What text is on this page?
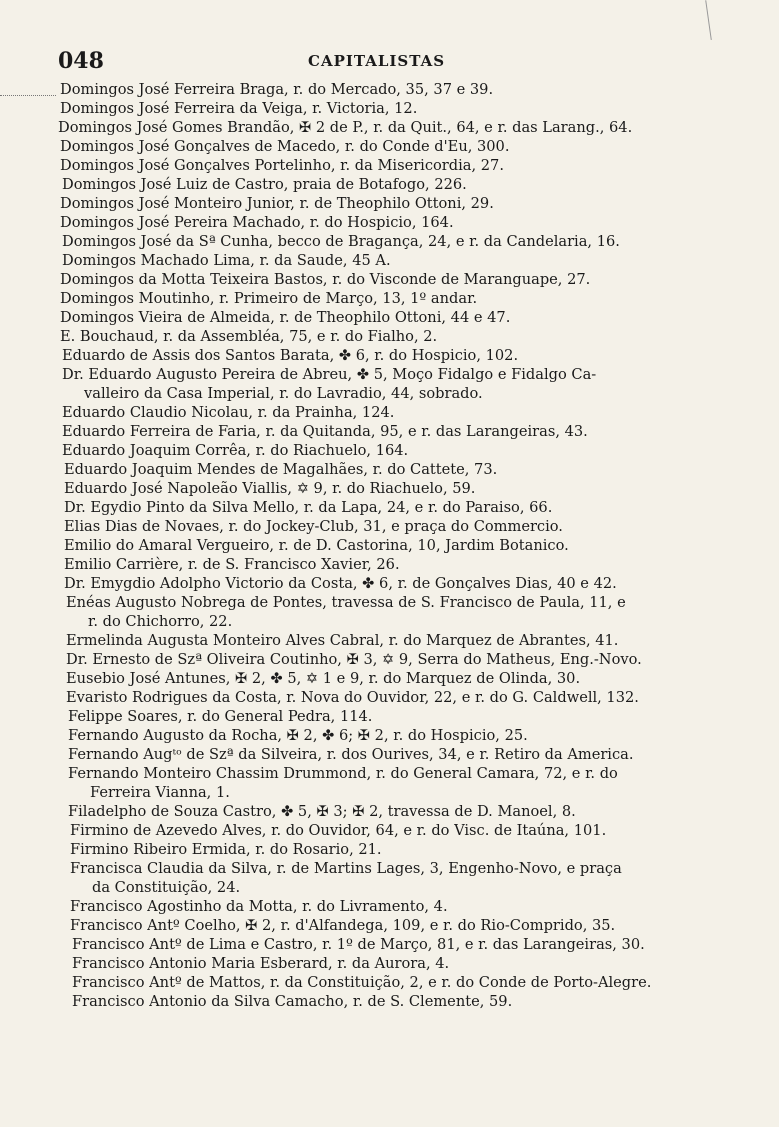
048	CAPITALISTAS
Domingos José Ferreira Braga, r. do Mercado, 35, 37 e 39.
Domingos José Ferreira da Veiga, r. Victoria, 12.
Domingos José Gomes Brandão, ✠ 2 de P., r. da Quit., 64, e r. das Larang., 64.
Domingos José Gonçalves de Macedo, r. do Conde d'Eu, 300.
Domingos José Gonçalves Portelinho, r. da Misericordia, 27.
Domingos José Luiz de Castro, praia de Botafogo, 226.
Domingos José Monteiro Junior, r. de Theophilo Ottoni, 29.
Domingos José Pereira Machado, r. do Hospicio, 164.
Domingos José da Sª Cunha, becco de Bragança, 24, e r. da Candelaria, 16.
Domingos Machado Lima, r. da Saude, 45 A.
Domingos da Motta Teixeira Bastos, r. do Visconde de Maranguape, 27.
Domingos Moutinho, r. Primeiro de Março, 13, 1º andar.
Domingos Vieira de Almeida, r. de Theophilo Ottoni, 44 e 47.
E. Bouchaud, r. da Assembléa, 75, e r. do Fialho, 2.
Eduardo de Assis dos Santos Barata, ✤ 6, r. do Hospicio, 102.
Dr. Eduardo Augusto Pereira de Abreu, ✤ 5, Moço Fidalgo e Fidalgo Ca-
valleiro da Casa Imperial, r. do Lavradio, 44, sobrado.
Eduardo Claudio Nicolau, r. da Prainha, 124.
Eduardo Ferreira de Faria, r. da Quitanda, 95, e r. das Larangeiras, 43.
Eduardo Joaquim Corrêa, r. do Riachuelo, 164.
Eduardo Joaquim Mendes de Magalhães, r. do Cattete, 73.
Eduardo José Napoleão Viallis, ✡ 9, r. do Riachuelo, 59.
Dr. Egydio Pinto da Silva Mello, r. da Lapa, 24, e r. do Paraiso, 66.
Elias Dias de Novaes, r. do Jockey-Club, 31, e praça do Commercio.
Emilio do Amaral Vergueiro, r. de D. Castorina, 10, Jardim Botanico.
Emilio Carrière, r. de S. Francisco Xavier, 26.
Dr. Emygdio Adolpho Victorio da Costa, ✤ 6, r. de Gonçalves Dias, 40 e 42.
Enéas Augusto Nobrega de Pontes, travessa de S. Francisco de Paula, 11, e
r. do Chichorro, 22.
Ermelinda Augusta Monteiro Alves Cabral, r. do Marquez de Abrantes, 41.
Dr. Ernesto de Szª Oliveira Coutinho, ✠ 3, ✡ 9, Serra do Matheus, Eng.-Novo.
Eusebio José Antunes, ✠ 2, ✤ 5, ✡ 1 e 9, r. do Marquez de Olinda, 30.
Evaristo Rodrigues da Costa, r. Nova do Ouvidor, 22, e r. do G. Caldwell, 132.
Felippe Soares, r. do General Pedra, 114.
Fernando Augusto da Rocha, ✠ 2, ✤ 6; ✠ 2, r. do Hospicio, 25.
Fernando Augᵗᵒ de Szª da Silveira, r. dos Ourives, 34, e r. Retiro da America.
Fernando Monteiro Chassim Drummond, r. do General Camara, 72, e r. do
Ferreira Vianna, 1.
Filadelpho de Souza Castro, ✤ 5, ✠ 3; ✠ 2, travessa de D. Manoel, 8.
Firmino de Azevedo Alves, r. do Ouvidor, 64, e r. do Visc. de Itaúna, 101.
Firmino Ribeiro Ermida, r. do Rosario, 21.
Francisca Claudia da Silva, r. de Martins Lages, 3, Engenho-Novo, e praça
da Constituição, 24.
Francisco Agostinho da Motta, r. do Livramento, 4.
Francisco Antº Coelho, ✠ 2, r. d'Alfandega, 109, e r. do Rio-Comprido, 35.
Francisco Antº de Lima e Castro, r. 1º de Março, 81, e r. das Larangeiras, 30.
Francisco Antonio Maria Esberard, r. da Aurora, 4.
Francisco Antº de Mattos, r. da Constituição, 2, e r. do Conde de Porto-Alegre.
Francisco Antonio da Silva Camacho, r. de S. Clemente, 59.
